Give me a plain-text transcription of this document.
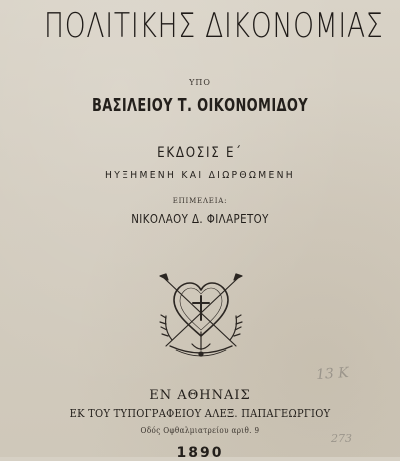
ΠΟΛΙΤΙΚΗΣ ΔΙΚΟΝΟΜΙΑΣ
ΥΠΟ
ΒΑΣΙΛΕΙΟΥ Τ. ΟΙΚΟΝΟΜΙΔΟΥ
ΕΚΔΟΣΙΣ Ε΄
ΗΥΞΗΜΕΝΗ ΚΑΙ ΔΙΩΡΘΩΜΕΝΗ
ΕΠΙΜΕΛΕΙΑ:
ΝΙΚΟΛΑΟΥ Δ. ΦΙΛΑΡΕΤΟΥ
ΕΝ ΑΘΗΝΑΙΣ
ΕΚ ΤΟΥ ΤΥΠΟΓΡΑΦΕΙΟΥ ΑΛΕΞ. ΠΑΠΑΓΕΩΡΓΙΟΥ
Οδός Οφθαλμιατρείου αριθ. 9
1890
13 Κ
273
